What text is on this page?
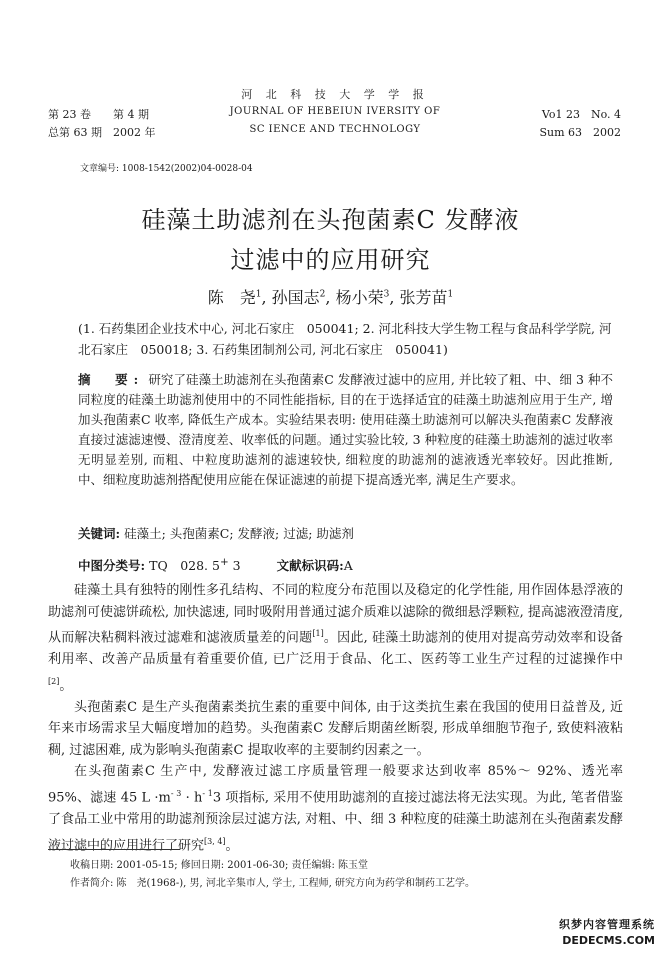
河 北 科 技 大 学 学 报
JOURNAL OF HEBEIUN IVERSITY OF
SC IENCE AND TECHNOLOGY
第 23 卷　　第 4 期
总第 63 期　2002 年
Vo1 23　No. 4
Sum 63　2002
文章编号: 1008-1542(2002)04-0028-04
硅藻土助滤剂在头孢菌素C 发酵液
过滤中的应用研究
陈　尧$^1$, 孙国志$^2$, 杨小荣$^3$, 张芳苗$^1$
(1. 石药集团企业技术中心, 河北石家庄　050041; 2. 河北科技大学生物工程与食品科学学院, 河北石家庄　050018; 3. 石药集团制剂公司, 河北石家庄　050041)
摘　要: 研究了硅藻土助滤剂在头孢菌素C 发酵液过滤中的应用, 并比较了粗、中、细 3 种不同粒度的硅藻土助滤剂使用中的不同性能指标, 目的在于选择适宜的硅藻土助滤剂应用于生产, 增加头孢菌素C 收率, 降低生产成本。实验结果表明: 使用硅藻土助滤剂可以解决头孢菌素C 发酵液直接过滤滤速慢、澄清度差、收率低的问题。通过实验比较, 3 种粒度的硅藻土助滤剂的滤过收率无明显差别, 而粗、中粒度助滤剂的滤速较快, 细粒度的助滤剂的滤液透光率较好。因此推断, 中、细粒度助滤剂搭配使用应能在保证滤速的前提下提高透光率, 满足生产要求。
关键词: 硅藻土; 头孢菌素C; 发酵液; 过滤; 助滤剂
中图分类号: TQ　028. 5+ 3	文献标识码:A

硅藻土具有独特的刚性多孔结构、不同的粒度分布范围以及稳定的化学性能, 用作固体悬浮液的助滤剂可使滤饼疏松, 加快滤速, 同时吸附用普通过滤介质难以滤除的微细悬浮颗粒, 提高滤液澄清度, 从而解决粘稠料液过滤难和滤液质量差的问题[1]。因此, 硅藻土助滤剂的使用对提高劳动效率和设备利用率、改善产品质量有着重要价值, 已广泛用于食品、化工、医药等工业生产过程的过滤操作中[2]。

头孢菌素C 是生产头孢菌素类抗生素的重要中间体, 由于这类抗生素在我国的使用日益普及, 近年来市场需求呈大幅度增加的趋势。头孢菌素C 发酵后期菌丝断裂, 形成单细胞节孢子, 致使料液粘稠, 过滤困难, 成为影响头孢菌素C 提取收率的主要制约因素之一。

在头孢菌素C 生产中, 发酵液过滤工序质量管理一般要求达到收率 85%～ 92%、透光率 95%、滤速 45 $L \cdot m^{- 3} \cdot h^{- 1}3$ 项指标, 采用不使用助滤剂的直接过滤法将无法实现。为此, 笔者借鉴了食品工业中常用的助滤剂预涂层过滤方法, 对粗、中、细 3 种粒度的硅藻土助滤剂在头孢菌素发酵液过滤中的应用进行了研究[3, 4]。

收稿日期: 2001-05-15; 修回日期: 2001-06-30; 责任编辑: 陈玉堂
作者简介: 陈　尧(1968-), 男, 河北辛集市人, 学士, 工程师, 研究方向为药学和制药工艺学。
织梦内容管理系统
DEDECMS.COM
